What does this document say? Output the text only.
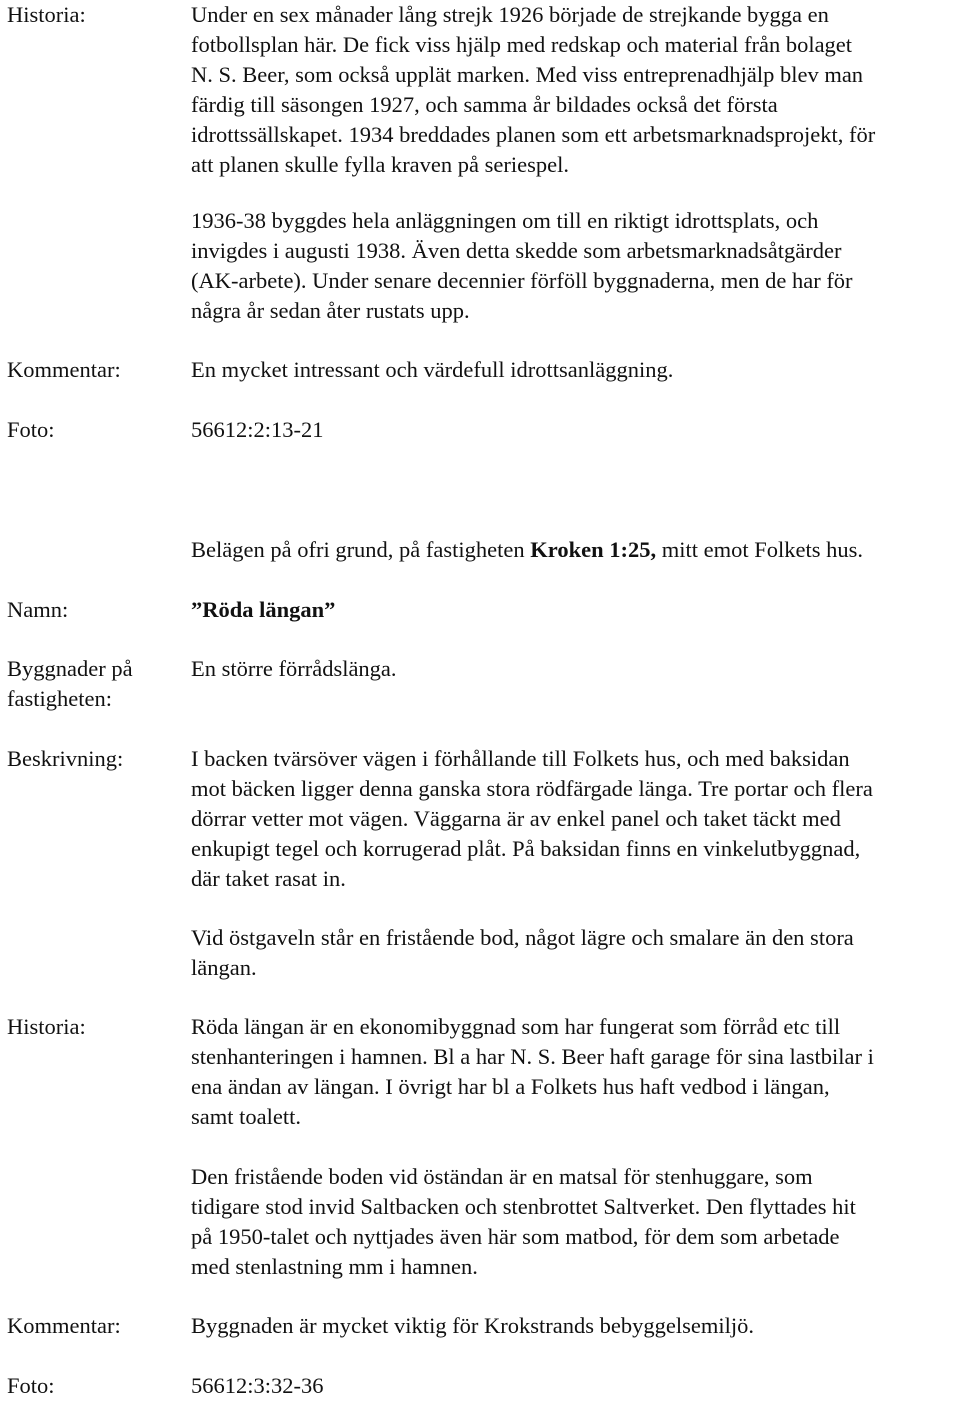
Historia:	Under en sex månader lång strejk 1926 började de strejkande bygga en
fotbollsplan här. De fick viss hjälp med redskap och material från bolaget
N. S. Beer, som också upplät marken. Med viss entreprenadhjälp blev man
färdig till säsongen 1927, och samma år bildades också det första
idrottssällskapet. 1934 breddades planen som ett arbetsmarknadsprojekt, för
att planen skulle fylla kraven på seriespel.
1936-38 byggdes hela anläggningen om till en riktigt idrottsplats, och
invigdes i augusti 1938. Även detta skedde som arbetsmarknadsåtgärder
(AK-arbete). Under senare decennier förföll byggnaderna, men de har för
några år sedan åter rustats upp.
Kommentar:	En mycket intressant och värdefull idrottsanläggning.
Foto:	56612:2:13-21
Belägen på ofri grund, på fastigheten Kroken 1:25, mitt emot Folkets hus.
Namn:	”Röda längan”
Byggnader på
fastigheten:
En större förrådslänga.
Beskrivning:	I backen tvärsöver vägen i förhållande till Folkets hus, och med baksidan
mot bäcken ligger denna ganska stora rödfärgade länga. Tre portar och flera
dörrar vetter mot vägen. Väggarna är av enkel panel och taket täckt med
enkupigt tegel och korrugerad plåt. På baksidan finns en vinkelutbyggnad,
där taket rasat in.
Vid östgaveln står en fristående bod, något lägre och smalare än den stora
längan.
Historia:	Röda längan är en ekonomibyggnad som har fungerat som förråd etc till
stenhanteringen i hamnen. Bl a har N. S. Beer haft garage för sina lastbilar i
ena ändan av längan. I övrigt har bl a Folkets hus haft vedbod i längan,
samt toalett.
Den fristående boden vid öständan är en matsal för stenhuggare, som
tidigare stod invid Saltbacken och stenbrottet Saltverket. Den flyttades hit
på 1950-talet och nyttjades även här som matbod, för dem som arbetade
med stenlastning mm i hamnen.
Kommentar:	Byggnaden är mycket viktig för Krokstrands bebyggelsemiljö.
Foto:	56612:3:32-36
